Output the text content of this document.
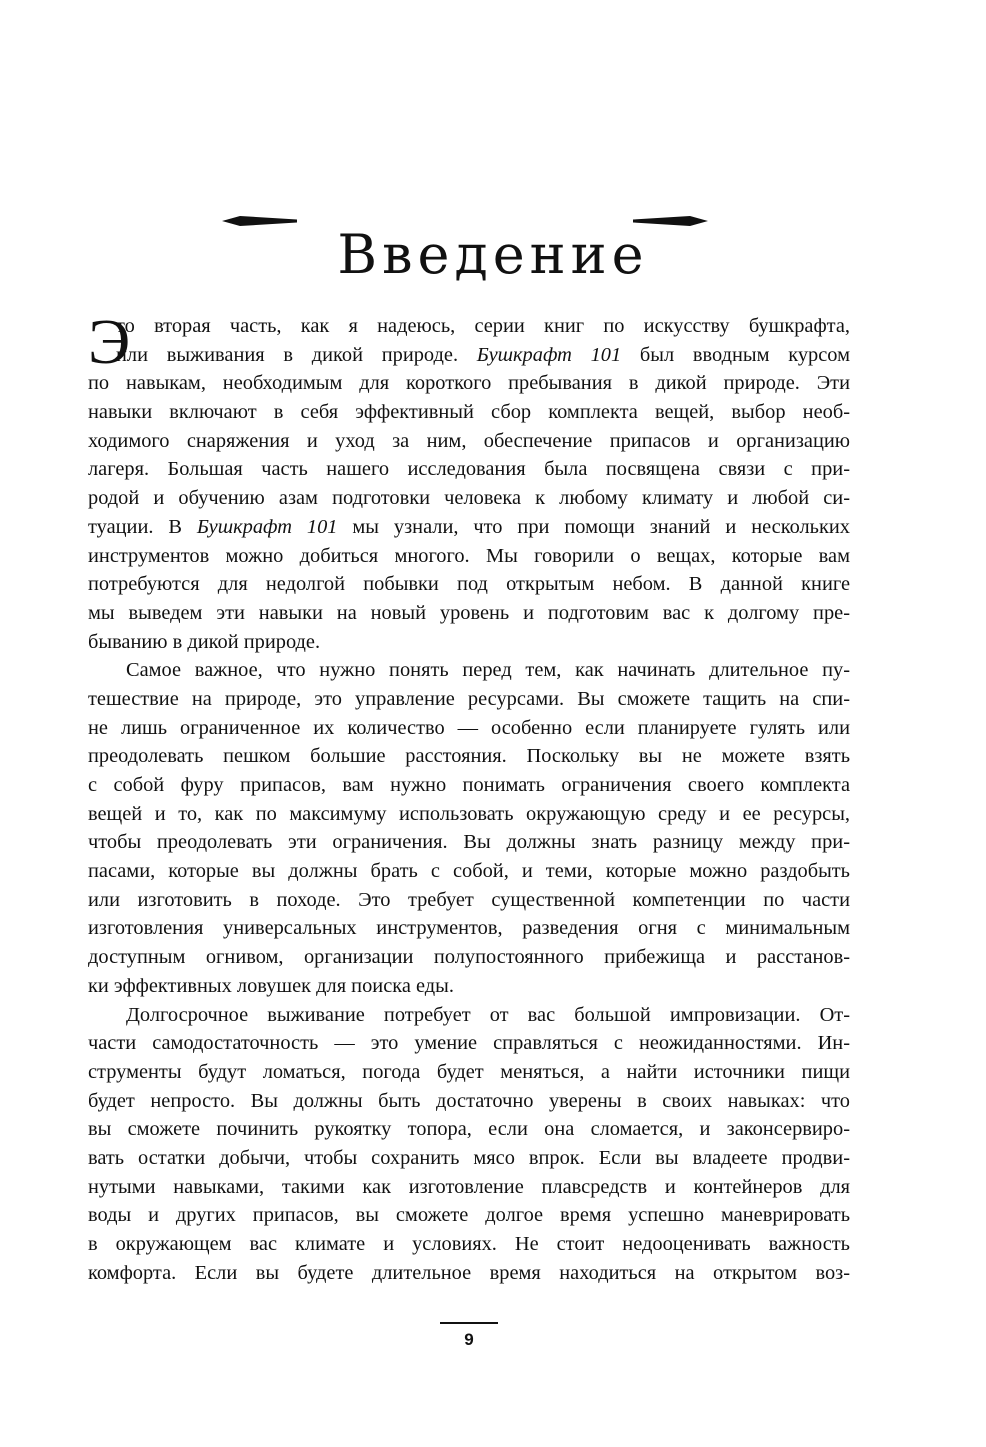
Введение
Э
то вторая часть, как я надеюсь, серии книг по искусству бушкрафта,
или выживания в дикой природе. Бушкрафт 101 был вводным курсом
по навыкам, необходимым для короткого пребывания в дикой природе. Эти
навыки включают в себя эффективный сбор комплекта вещей, выбор необ-
ходимого снаряжения и уход за ним, обеспечение припасов и организацию
лагеря. Большая часть нашего исследования была посвящена связи с при-
родой и обучению азам подготовки человека к любому климату и любой си-
туации. В Бушкрафт 101 мы узнали, что при помощи знаний и нескольких
инструментов можно добиться многого. Мы говорили о вещах, которые вам
потребуются для недолгой побывки под открытым небом. В данной книге
мы выведем эти навыки на новый уровень и подготовим вас к долгому пре-
быванию в дикой природе.
Самое важное, что нужно понять перед тем, как начинать длительное пу-
тешествие на природе, это управление ресурсами. Вы сможете тащить на спи-
не лишь ограниченное их количество — особенно если планируете гулять или
преодолевать пешком большие расстояния. Поскольку вы не можете взять
с собой фуру припасов, вам нужно понимать ограничения своего комплекта
вещей и то, как по максимуму использовать окружающую среду и ее ресурсы,
чтобы преодолевать эти ограничения. Вы должны знать разницу между при-
пасами, которые вы должны брать с собой, и теми, которые можно раздобыть
или изготовить в походе. Это требует существенной компетенции по части
изготовления универсальных инструментов, разведения огня с минимальным
доступным огнивом, организации полупостоянного прибежища и расстанов-
ки эффективных ловушек для поиска еды.
Долгосрочное выживание потребует от вас большой импровизации. От-
части самодостаточность — это умение справляться с неожиданностями. Ин-
струменты будут ломаться, погода будет меняться, а найти источники пищи
будет непросто. Вы должны быть достаточно уверены в своих навыках: что
вы сможете починить рукоятку топора, если она сломается, и законсервиро-
вать остатки добычи, чтобы сохранить мясо впрок. Если вы владеете продви-
нутыми навыками, такими как изготовление плавсредств и контейнеров для
воды и других припасов, вы сможете долгое время успешно маневрировать
в окружающем вас климате и условиях. Не стоит недооценивать важность
комфорта. Если вы будете длительное время находиться на открытом воз-
9
